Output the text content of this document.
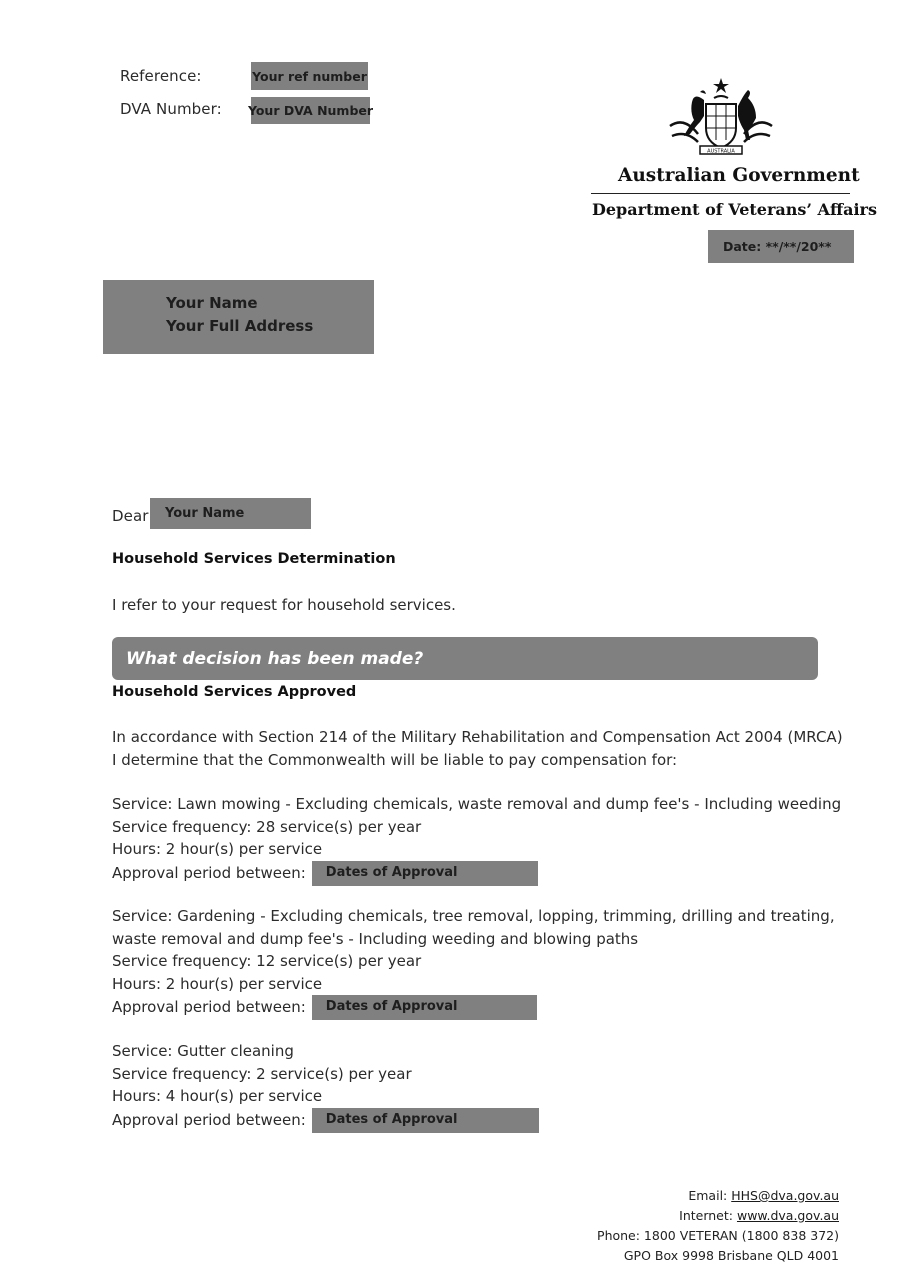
Reference:	Your ref number
DVA Number: Your DVA Number
AUSTRALIA
Australian Government
Department of Veterans’ Affairs
Date: **/**/20**
Your Name
Your Full Address
Dear	Your Name
Household Services Determination
I refer to your request for household services.
What decision has been made?
Household Services Approved
In accordance with Section 214 of the Military Rehabilitation and Compensation Act 2004 (MRCA)
I determine that the Commonwealth will be liable to pay compensation for:
Service: Lawn mowing - Excluding chemicals, waste removal and dump fee's - Including weeding
Service frequency: 28 service(s) per year
Hours: 2 hour(s) per service
Approval period between:	Dates of Approval
Service: Gardening - Excluding chemicals, tree removal, lopping, trimming, drilling and treating,
waste removal and dump fee's - Including weeding and blowing paths
Service frequency: 12 service(s) per year
Hours: 2 hour(s) per service
Approval period between:	Dates of Approval
Service: Gutter cleaning
Service frequency: 2 service(s) per year
Hours: 4 hour(s) per service
Approval period between:	Dates of Approval
Email: HHS@dva.gov.au
Internet: www.dva.gov.au
Phone: 1800 VETERAN (1800 838 372)
GPO Box 9998 Brisbane QLD 4001
